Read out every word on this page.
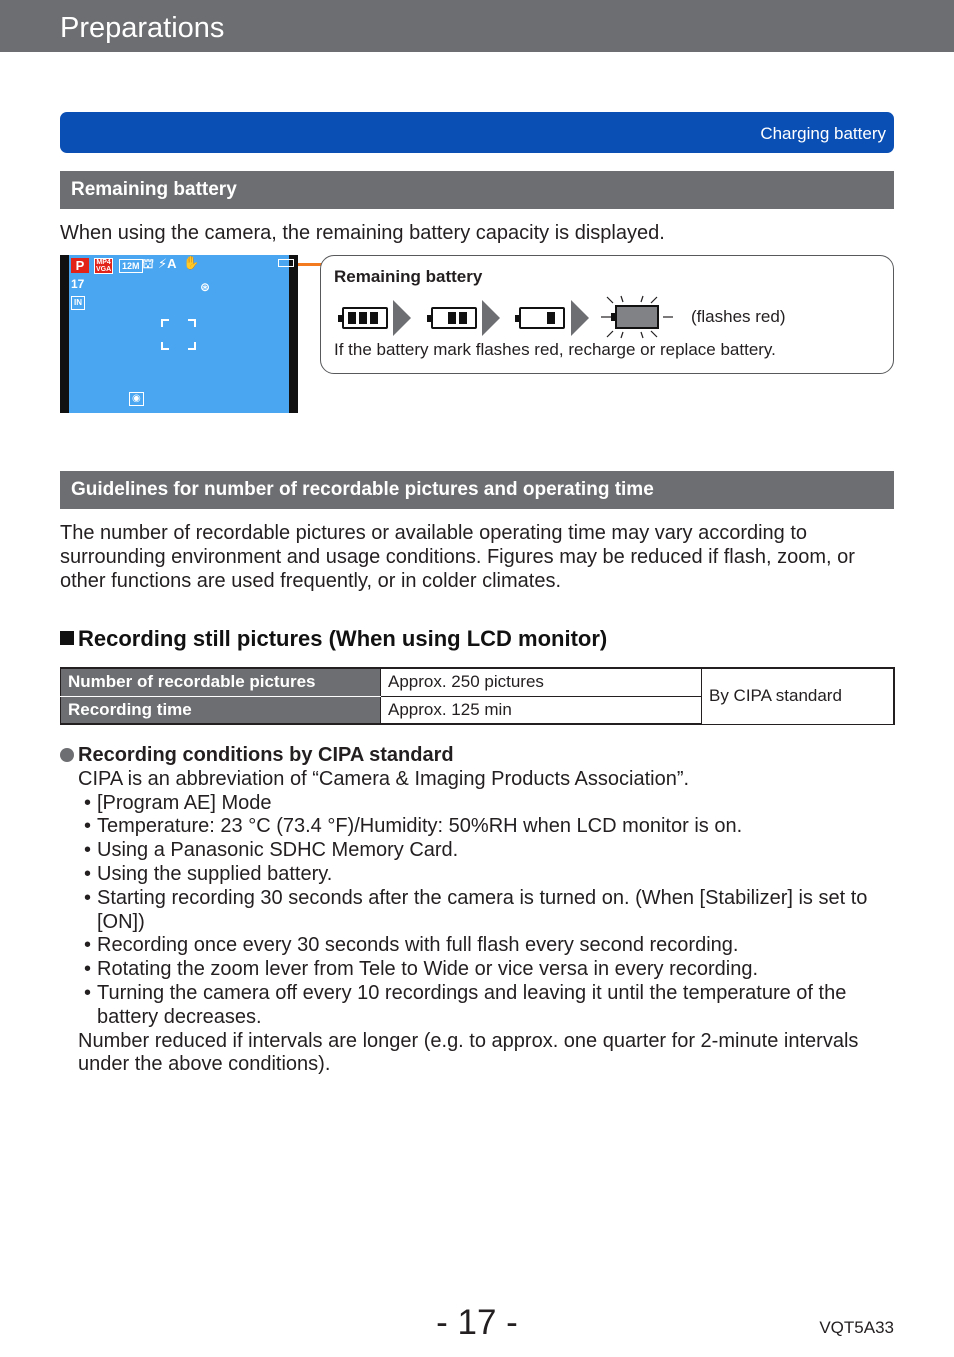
Preparations
Charging battery
Remaining battery
When using the camera, the remaining battery capacity is displayed.
P	MP4
VGA	12M ⛫ ⚡A ✋
⊛
17
IN
◉
Remaining battery
(flashes red)
If the battery mark flashes red, recharge or replace battery.
Guidelines for number of recordable pictures and operating time
The number of recordable pictures or available operating time may vary according to surrounding environment and usage conditions. Figures may be reduced if flash, zoom, or other functions are used frequently, or in colder climates.
Recording still pictures (When using LCD monitor)
Number of recordable pictures	Approx. 250 pictures	By CIPA standard
Recording time	Approx. 125 min	
Recording conditions by CIPA standard
CIPA is an abbreviation of “Camera & Imaging Products Association”.
• [Program AE] Mode
• Temperature: 23 °C (73.4 °F)/Humidity: 50%RH when LCD monitor is on.
• Using a Panasonic SDHC Memory Card.
• Using the supplied battery.
• Starting recording 30 seconds after the camera is turned on. (When [Stabilizer] is set to [ON])
• Recording once every 30 seconds with full flash every second recording.
• Rotating the zoom lever from Tele to Wide or vice versa in every recording.
• Turning the camera off every 10 recordings and leaving it until the temperature of the battery decreases.
Number reduced if intervals are longer (e.g. to approx. one quarter for 2-minute intervals under the above conditions).
- 17 -	VQT5A33
